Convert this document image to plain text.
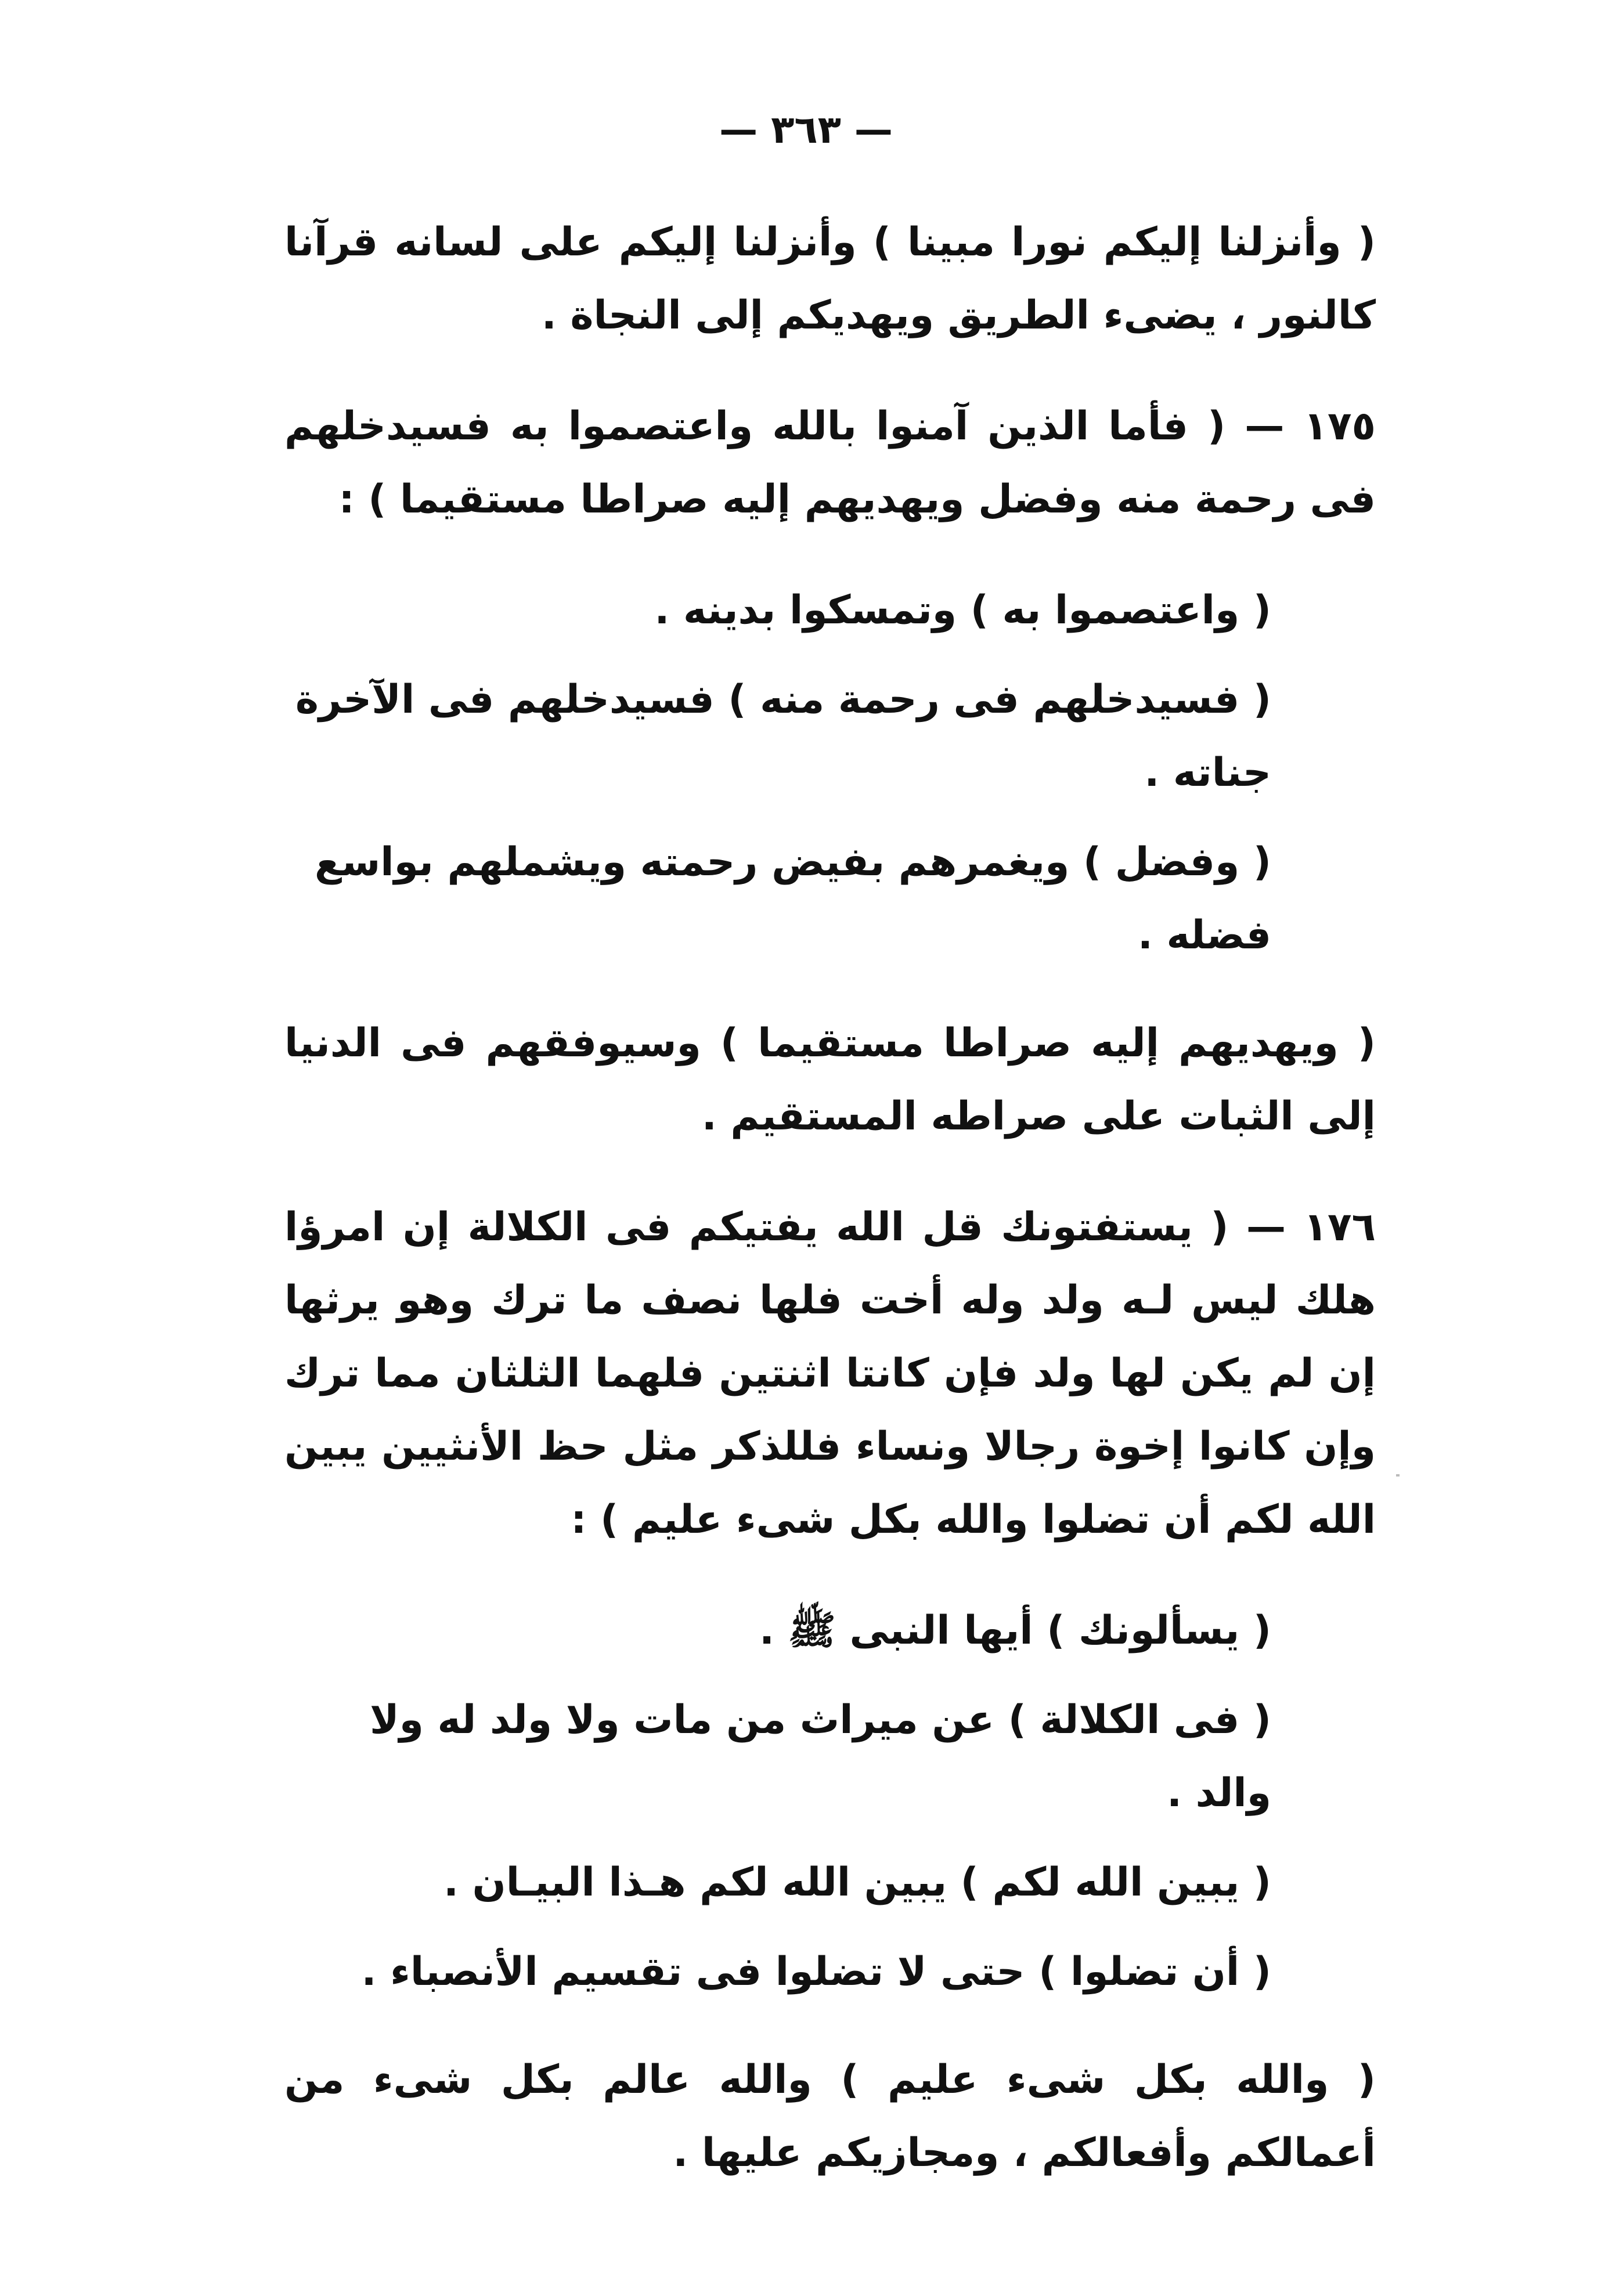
— ٣٦٣ —

( وأنزلنا إليكم نورا مبينا ) وأنزلنا إليكم على لسانه قرآنا كالنور ، يضىء الطريق ويهديكم إلى النجاة .

١٧٥ — ( فأما الذين آمنوا بالله واعتصموا به فسيدخلهم فى رحمة منه وفضل ويهديهم إليه صراطا مستقيما ) :

( واعتصموا به ) وتمسكوا بدينه .

( فسيدخلهم فى رحمة منه ) فسيدخلهم فى الآخرة جناته .

( وفضل ) ويغمرهم بفيض رحمته ويشملهم بواسع فضله .

( ويهديهم إليه صراطا مستقيما ) وسيوفقهم فى الدنيا إلى الثبات على صراطه المستقيم .

١٧٦ — ( يستفتونك قل الله يفتيكم فى الكلالة إن امرؤا هلك ليس لـه ولد وله أخت فلها نصف ما ترك وهو يرثها إن لم يكن لها ولد فإن كانتا اثنتين فلهما الثلثان مما ترك وإن كانوا إخوة رجالا ونساء فللذكر مثل حظ الأنثيين يبين الله لكم أن تضلوا والله بكل شىء عليم ) :

( يسألونك ) أيها النبى ﷺ .

( فى الكلالة ) عن ميراث من مات ولا ولد له ولا والد .

( يبين الله لكم ) يبين الله لكم هـذا البيـان .

( أن تضلوا ) حتى لا تضلوا فى تقسيم الأنصباء .

( والله بكل شىء عليم ) والله عالم بكل شىء من أعمالكم وأفعالكم ، ومجازيكم عليها .
